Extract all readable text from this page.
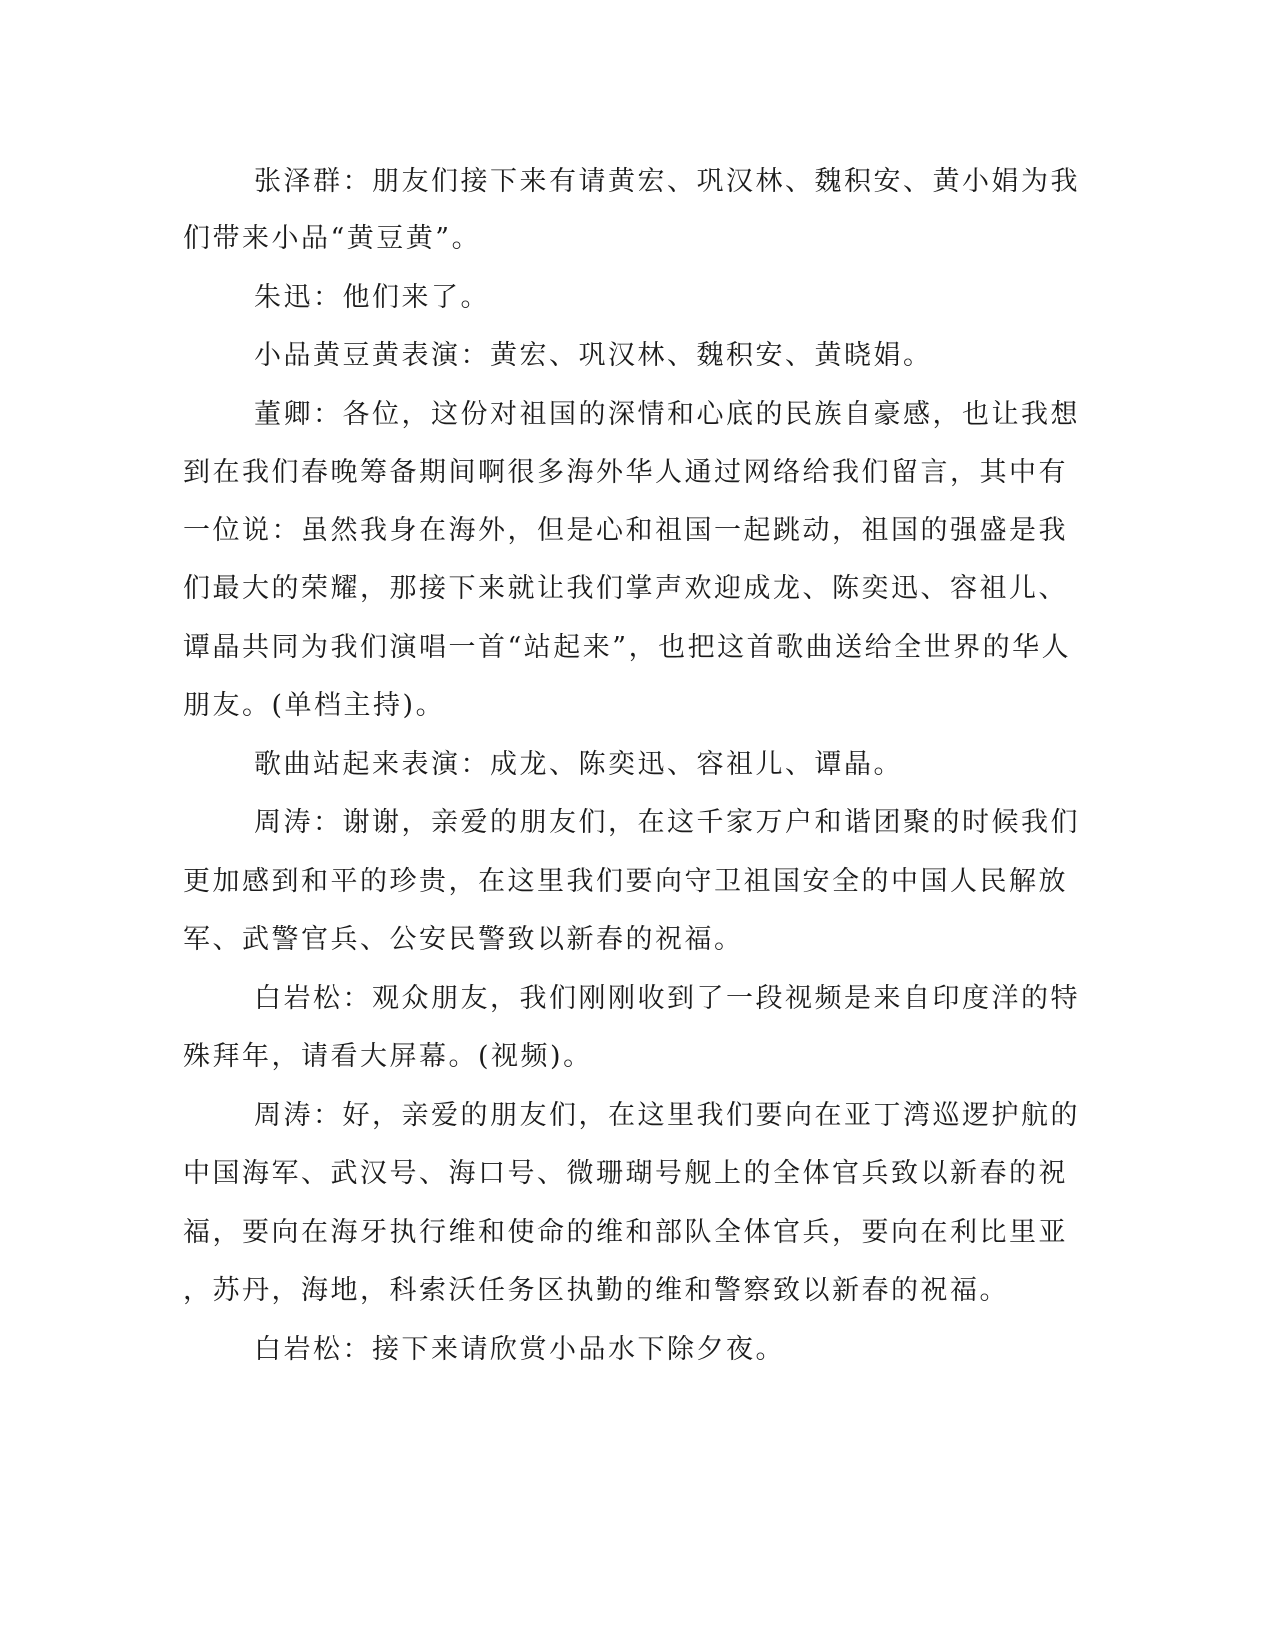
张泽群：朋友们接下来有请黄宏、巩汉林、魏积安、黄小娟为我

们带来小品“黄豆黄”。

朱迅：他们来了。

小品黄豆黄表演：黄宏、巩汉林、魏积安、黄晓娟。

董卿：各位，这份对祖国的深情和心底的民族自豪感，也让我想

到在我们春晚筹备期间啊很多海外华人通过网络给我们留言，其中有

一位说：虽然我身在海外，但是心和祖国一起跳动，祖国的强盛是我

们最大的荣耀，那接下来就让我们掌声欢迎成龙、陈奕迅、容祖儿、

谭晶共同为我们演唱一首“站起来”，也把这首歌曲送给全世界的华人

朋友。(单档主持)。

歌曲站起来表演：成龙、陈奕迅、容祖儿、谭晶。

周涛：谢谢，亲爱的朋友们，在这千家万户和谐团聚的时候我们

更加感到和平的珍贵，在这里我们要向守卫祖国安全的中国人民解放

军、武警官兵、公安民警致以新春的祝福。

白岩松：观众朋友，我们刚刚收到了一段视频是来自印度洋的特

殊拜年，请看大屏幕。(视频)。

周涛：好，亲爱的朋友们，在这里我们要向在亚丁湾巡逻护航的

中国海军、武汉号、海口号、微珊瑚号舰上的全体官兵致以新春的祝

福，要向在海牙执行维和使命的维和部队全体官兵，要向在利比里亚

，苏丹，海地，科索沃任务区执勤的维和警察致以新春的祝福。

白岩松：接下来请欣赏小品水下除夕夜。
